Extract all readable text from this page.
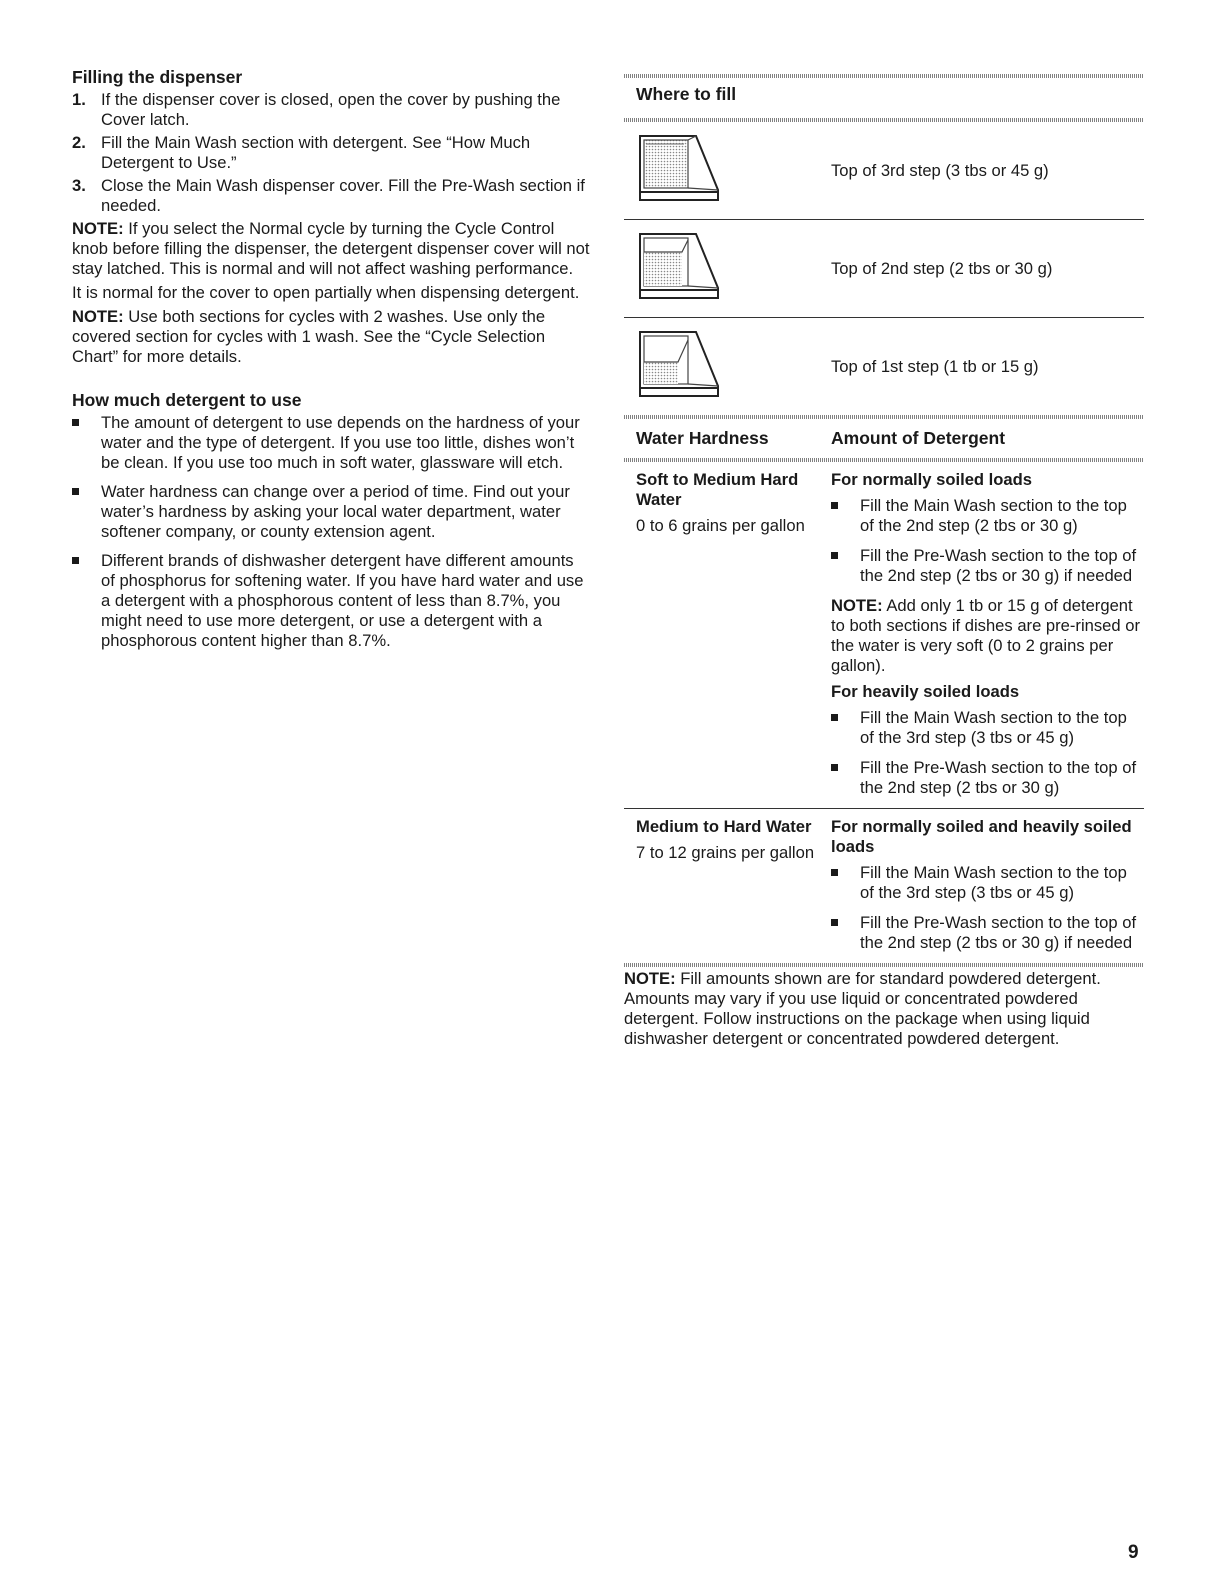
Filling the dispenser
1. If the dispenser cover is closed, open the cover by pushing the Cover latch.
2. Fill the Main Wash section with detergent. See “How Much Detergent to Use.”
3. Close the Main Wash dispenser cover. Fill the Pre-Wash section if needed.

NOTE: If you select the Normal cycle by turning the Cycle Control knob before filling the dispenser, the detergent dispenser cover will not stay latched. This is normal and will not affect washing performance.

It is normal for the cover to open partially when dispensing detergent.

NOTE: Use both sections for cycles with 2 washes. Use only the covered section for cycles with 1 wash. See the “Cycle Selection Chart” for more details.

How much detergent to use
The amount of detergent to use depends on the hardness of your water and the type of detergent. If you use too little, dishes won’t be clean. If you use too much in soft water, glassware will etch.
Water hardness can change over a period of time. Find out your water’s hardness by asking your local water department, water softener company, or county extension agent.
Different brands of dishwasher detergent have different amounts of phosphorus for softening water. If you have hard water and use a detergent with a phosphorous content of less than 8.7%, you might need to use more detergent, or use a detergent with a phosphorous content higher than 8.7%.
Where to fill
Top of 3rd step (3 tbs or 45 g)
Top of 2nd step (2 tbs or 30 g)
Top of 1st step (1 tb or 15 g)
Water Hardness	Amount of Detergent
Soft to Medium Hard Water
0 to 6 grains per gallon
For normally soiled loads
Fill the Main Wash section to the top of the 2nd step (2 tbs or 30 g)
Fill the Pre-Wash section to the top of the 2nd step (2 tbs or 30 g) if needed

NOTE: Add only 1 tb or 15 g of detergent to both sections if dishes are pre-rinsed or the water is very soft (0 to 2 grains per gallon).

For heavily soiled loads
Fill the Main Wash section to the top of the 3rd step (3 tbs or 45 g)
Fill the Pre-Wash section to the top of the 2nd step (2 tbs or 30 g)
Medium to Hard Water
7 to 12 grains per gallon
For normally soiled and heavily soiled loads
Fill the Main Wash section to the top of the 3rd step (3 tbs or 45 g)
Fill the Pre-Wash section to the top of the 2nd step (2 tbs or 30 g) if needed

NOTE: Fill amounts shown are for standard powdered detergent. Amounts may vary if you use liquid or concentrated powdered detergent. Follow instructions on the package when using liquid dishwasher detergent or concentrated powdered detergent.

9
